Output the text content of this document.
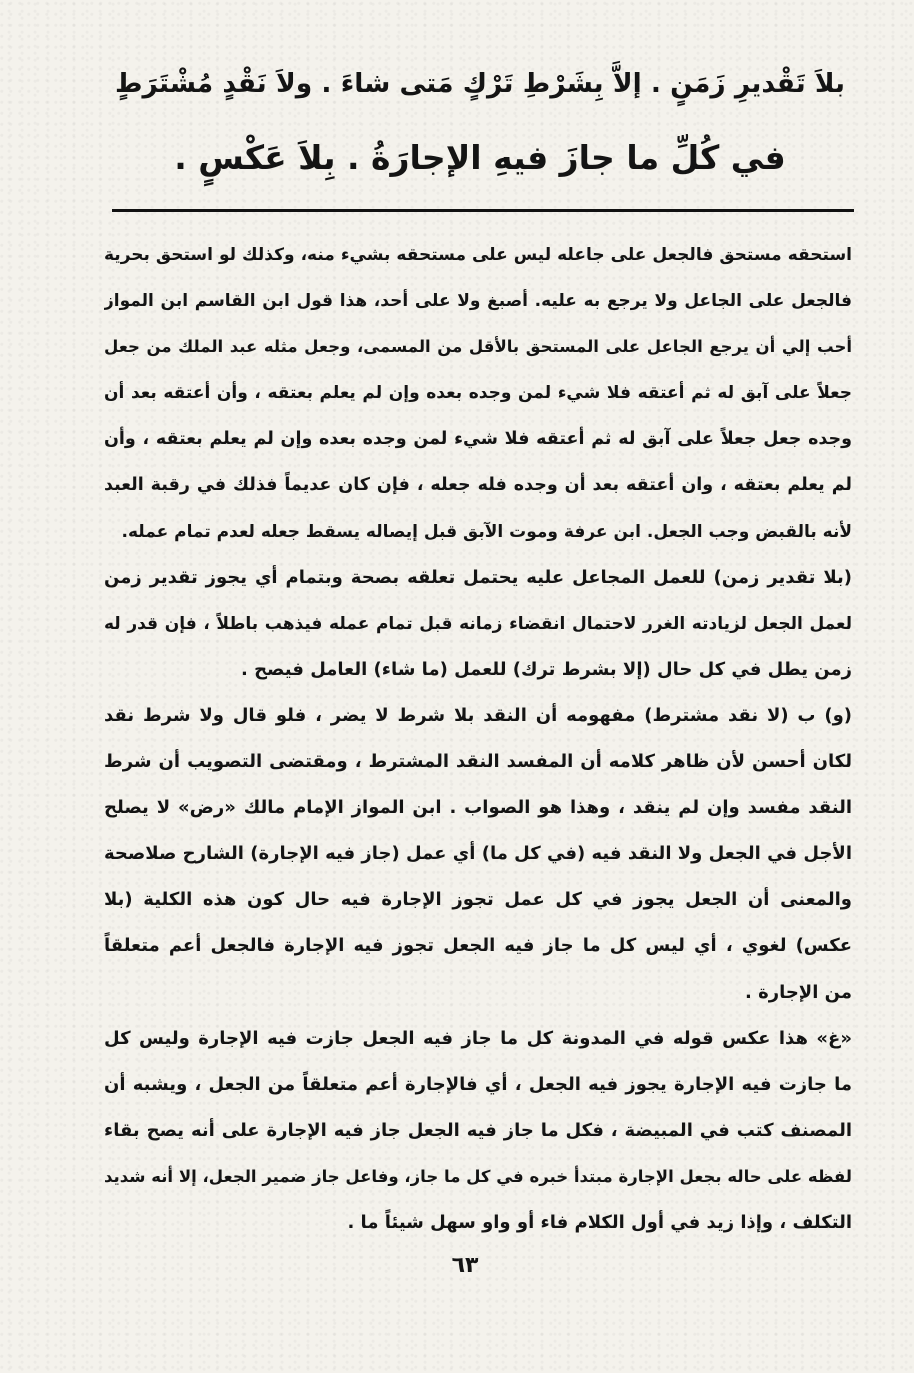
بلاَ تَقْديرِ زَمَنٍ . إلاَّ بِشَرْطِ تَرْكٍ مَتى شاءَ . ولاَ نَقْدٍ مُشْتَرَطٍ
في كُلِّ ما جازَ فيهِ الإجارَةُ . بِلاَ عَكْسٍ .
استحقه مستحق فالجعل على جاعله ليس على مستحقه بشيء منه، وكذلك لو استحق بحرية
فالجعل على الجاعل ولا يرجع به عليه. أصبغ ولا على أحد، هذا قول ابن القاسم ابن المواز
أحب إلي أن يرجع الجاعل على المستحق بالأقل من المسمى، وجعل مثله عبد الملك من جعل
جعلاً على آبق له ثم أعتقه فلا شيء لمن وجده بعده وإن لم يعلم بعتقه ، وأن أعتقه بعد أن
وجده جعل جعلاً على آبق له ثم أعتقه فلا شيء لمن وجده بعده وإن لم يعلم بعتقه ، وأن
لم يعلم بعتقه ، وان أعتقه بعد أن وجده فله جعله ، فإن كان عديماً فذلك في رقبة العبد
لأنه بالقبض وجب الجعل. ابن عرفة وموت الآبق قبل إيصاله يسقط جعله لعدم تمام عمله.
(بلا تقدير زمن) للعمل المجاعل عليه يحتمل تعلقه بصحة وبتمام أي يجوز تقدير زمن
لعمل الجعل لزيادته الغرر لاحتمال انقضاء زمانه قبل تمام عمله فيذهب باطلاً ، فإن قدر له
زمن يطل في كل حال (إلا بشرط ترك) للعمل (ما شاء) العامل فيصح .
(و) ب (لا نقد مشترط) مفهومه أن النقد بلا شرط لا يضر ، فلو قال ولا شرط نقد
لكان أحسن لأن ظاهر كلامه أن المفسد النقد المشترط ، ومقتضى التصويب أن شرط
النقد مفسد وإن لم ينقد ، وهذا هو الصواب . ابن المواز الإمام مالك «رض» لا يصلح
الأجل في الجعل ولا النقد فيه (في كل ما) أي عمل (جاز فيه الإجارة) الشارح صلاصحة
والمعنى أن الجعل يجوز في كل عمل تجوز الإجارة فيه حال كون هذه الكلية (بلا
عكس) لغوي ، أي ليس كل ما جاز فيه الجعل تجوز فيه الإجارة فالجعل أعم متعلقاً
من الإجارة .
«غ» هذا عكس قوله في المدونة كل ما جاز فيه الجعل جازت فيه الإجارة وليس كل
ما جازت فيه الإجارة يجوز فيه الجعل ، أي فالإجارة أعم متعلقاً من الجعل ، ويشبه أن
المصنف كتب في المبيضة ، فكل ما جاز فيه الجعل جاز فيه الإجارة على أنه يصح بقاء
لفظه على حاله بجعل الإجارة مبتدأ خبره في كل ما جاز، وفاعل جاز ضمير الجعل، إلا أنه شديد
التكلف ، وإذا زيد في أول الكلام فاء أو واو سهل شيئاً ما .
٦٣
